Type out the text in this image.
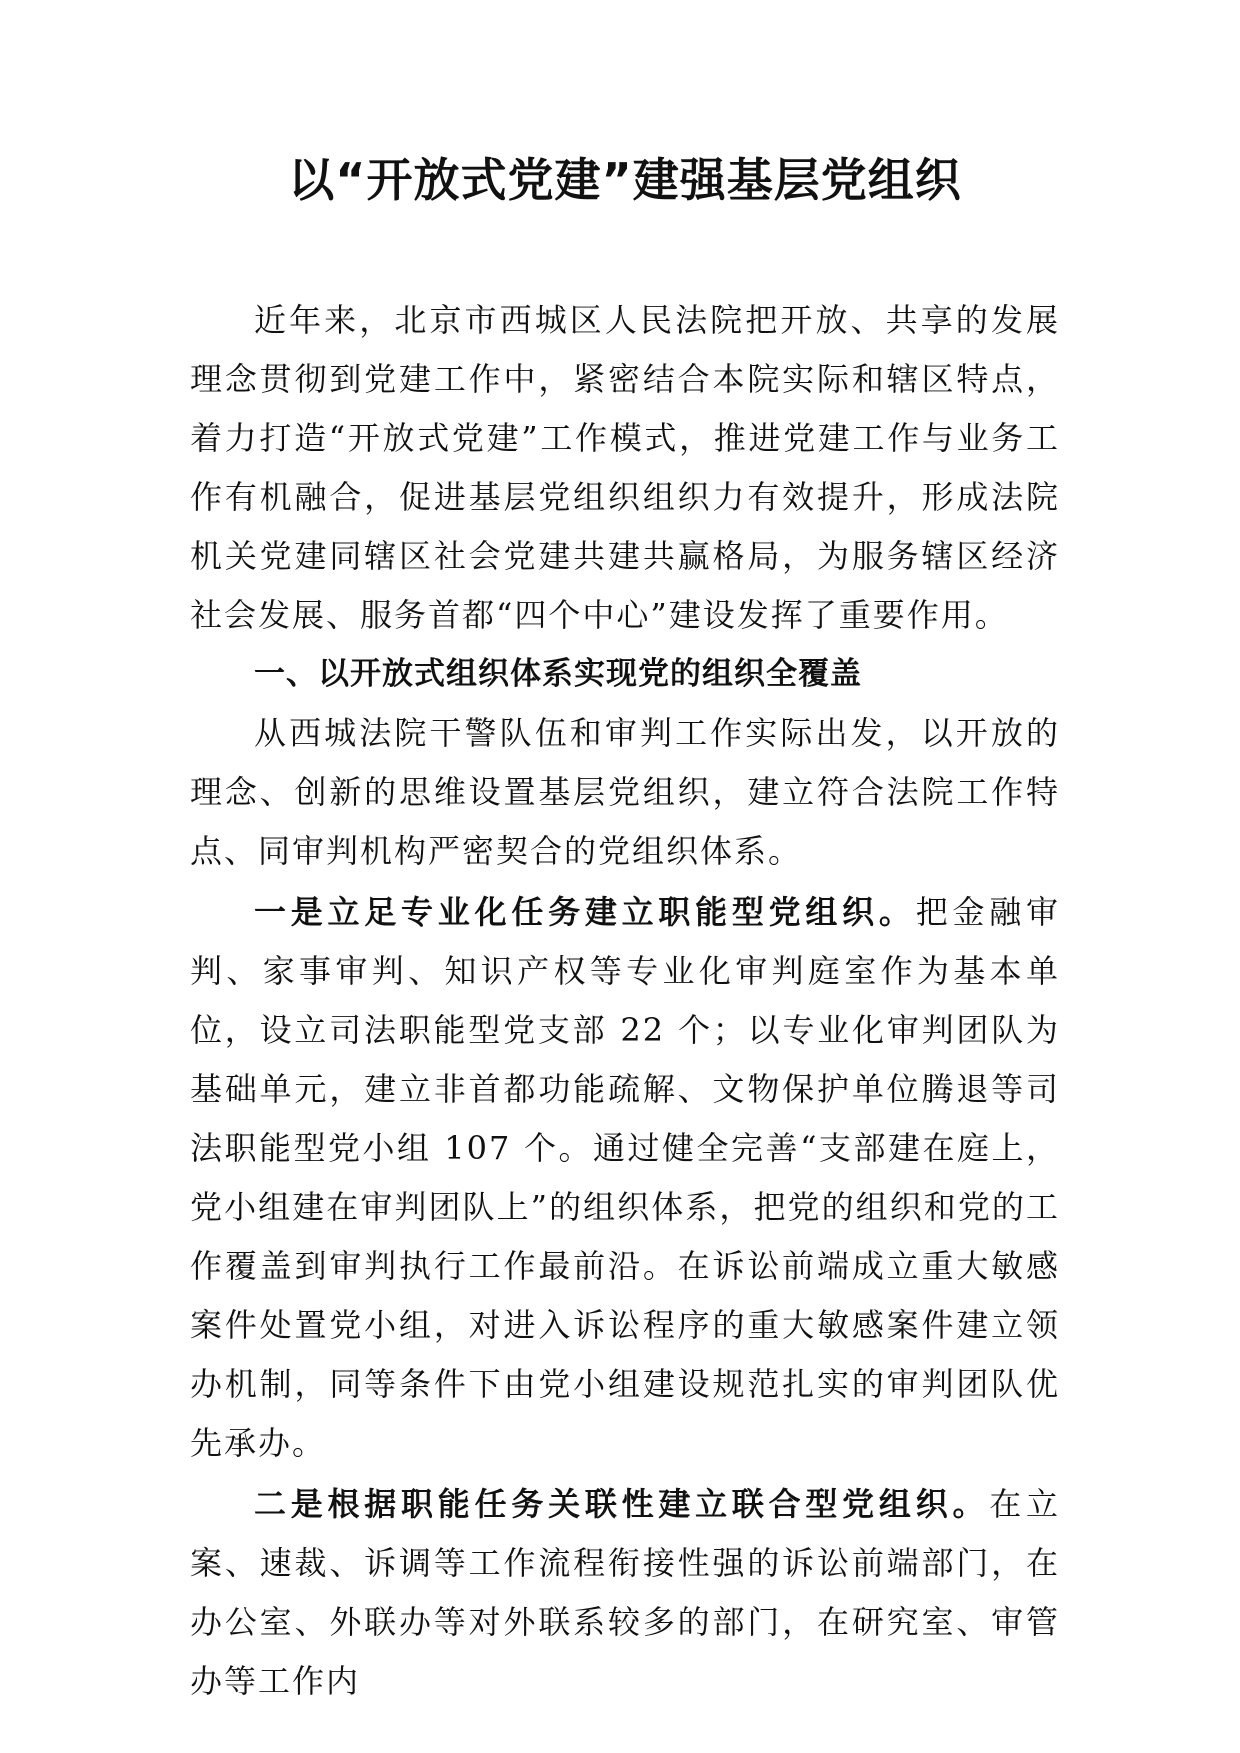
以“开放式党建”建强基层党组织

近年来，北京市西城区人民法院把开放、共享的发展理念贯彻到党建工作中，紧密结合本院实际和辖区特点，着力打造“开放式党建”工作模式，推进党建工作与业务工作有机融合，促进基层党组织组织力有效提升，形成法院机关党建同辖区社会党建共建共赢格局，为服务辖区经济社会发展、服务首都“四个中心”建设发挥了重要作用。

一、以开放式组织体系实现党的组织全覆盖

从西城法院干警队伍和审判工作实际出发，以开放的理念、创新的思维设置基层党组织，建立符合法院工作特点、同审判机构严密契合的党组织体系。

一是立足专业化任务建立职能型党组织。把金融审判、家事审判、知识产权等专业化审判庭室作为基本单位，设立司法职能型党支部 22 个；以专业化审判团队为基础单元，建立非首都功能疏解、文物保护单位腾退等司法职能型党小组 107 个。通过健全完善“支部建在庭上，党小组建在审判团队上”的组织体系，把党的组织和党的工作覆盖到审判执行工作最前沿。在诉讼前端成立重大敏感案件处置党小组，对进入诉讼程序的重大敏感案件建立领办机制，同等条件下由党小组建设规范扎实的审判团队优先承办。

二是根据职能任务关联性建立联合型党组织。在立案、速裁、诉调等工作流程衔接性强的诉讼前端部门，在办公室、外联办等对外联系较多的部门，在研究室、审管办等工作内
